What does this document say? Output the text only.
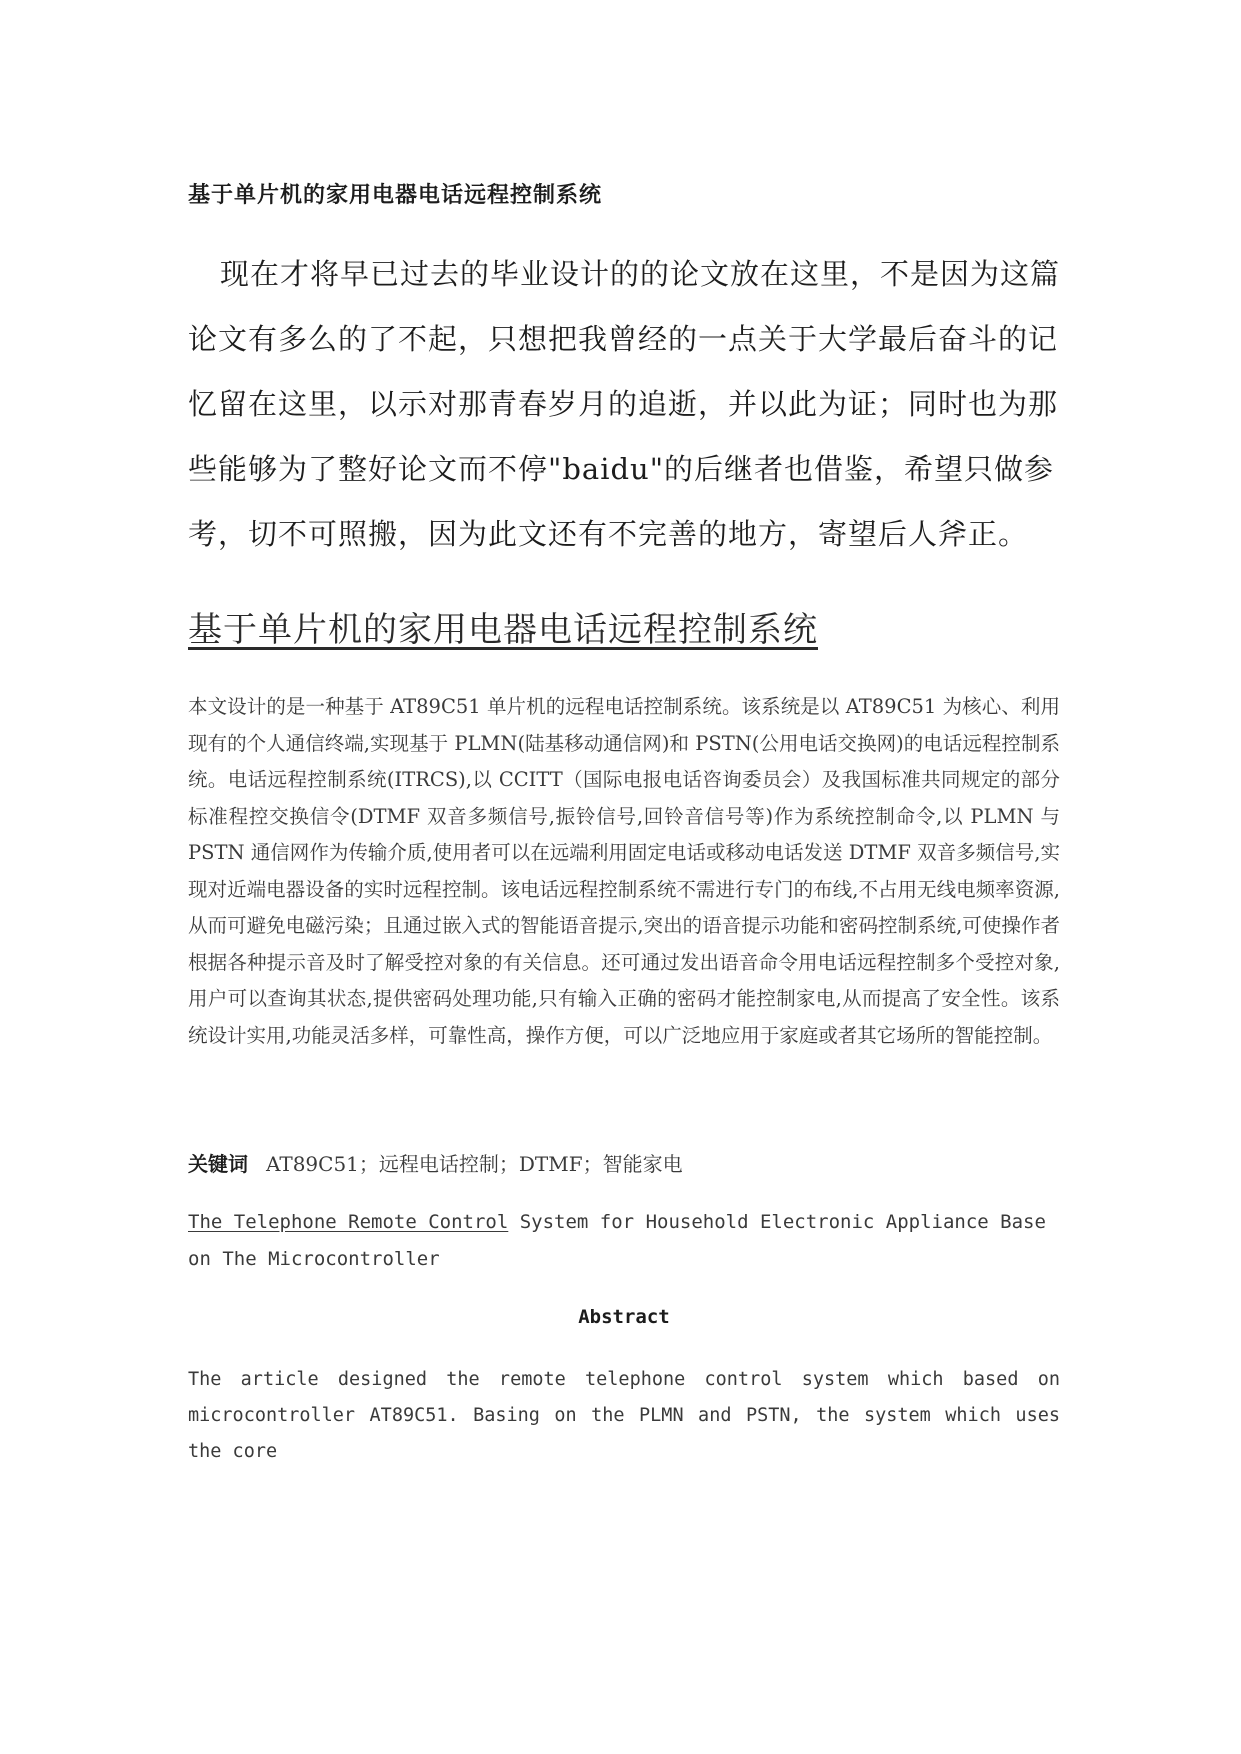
基于单片机的家用电器电话远程控制系统

现在才将早已过去的毕业设计的的论文放在这里，不是因为这篇论文有多么的了不起，只想把我曾经的一点关于大学最后奋斗的记忆留在这里，以示对那青春岁月的追逝，并以此为证；同时也为那些能够为了整好论文而不停"baidu"的后继者也借鉴，希望只做参考，切不可照搬，因为此文还有不完善的地方，寄望后人斧正。

基于单片机的家用电器电话远程控制系统

本文设计的是一种基于 AT89C51 单片机的远程电话控制系统。该系统是以 AT89C51 为核心、利用现有的个人通信终端,实现基于 PLMN(陆基移动通信网)和 PSTN(公用电话交换网)的电话远程控制系统。电话远程控制系统(ITRCS),以 CCITT（国际电报电话咨询委员会）及我国标准共同规定的部分标准程控交换信令(DTMF 双音多频信号,振铃信号,回铃音信号等)作为系统控制命令,以 PLMN 与 PSTN 通信网作为传输介质,使用者可以在远端利用固定电话或移动电话发送 DTMF 双音多频信号,实现对近端电器设备的实时远程控制。该电话远程控制系统不需进行专门的布线,不占用无线电频率资源,从而可避免电磁污染；且通过嵌入式的智能语音提示,突出的语音提示功能和密码控制系统,可使操作者根据各种提示音及时了解受控对象的有关信息。还可通过发出语音命令用电话远程控制多个受控对象,用户可以查询其状态,提供密码处理功能,只有输入正确的密码才能控制家电,从而提高了安全性。该系统设计实用,功能灵活多样，可靠性高，操作方便，可以广泛地应用于家庭或者其它场所的智能控制。

关键词 AT89C51；远程电话控制；DTMF；智能家电
The Telephone Remote Control System for Household Electronic Appliance Base on The Microcontroller
Abstract

The article designed the remote telephone control system which based on microcontroller AT89C51. Basing on the PLMN and PSTN, the system which uses the core
